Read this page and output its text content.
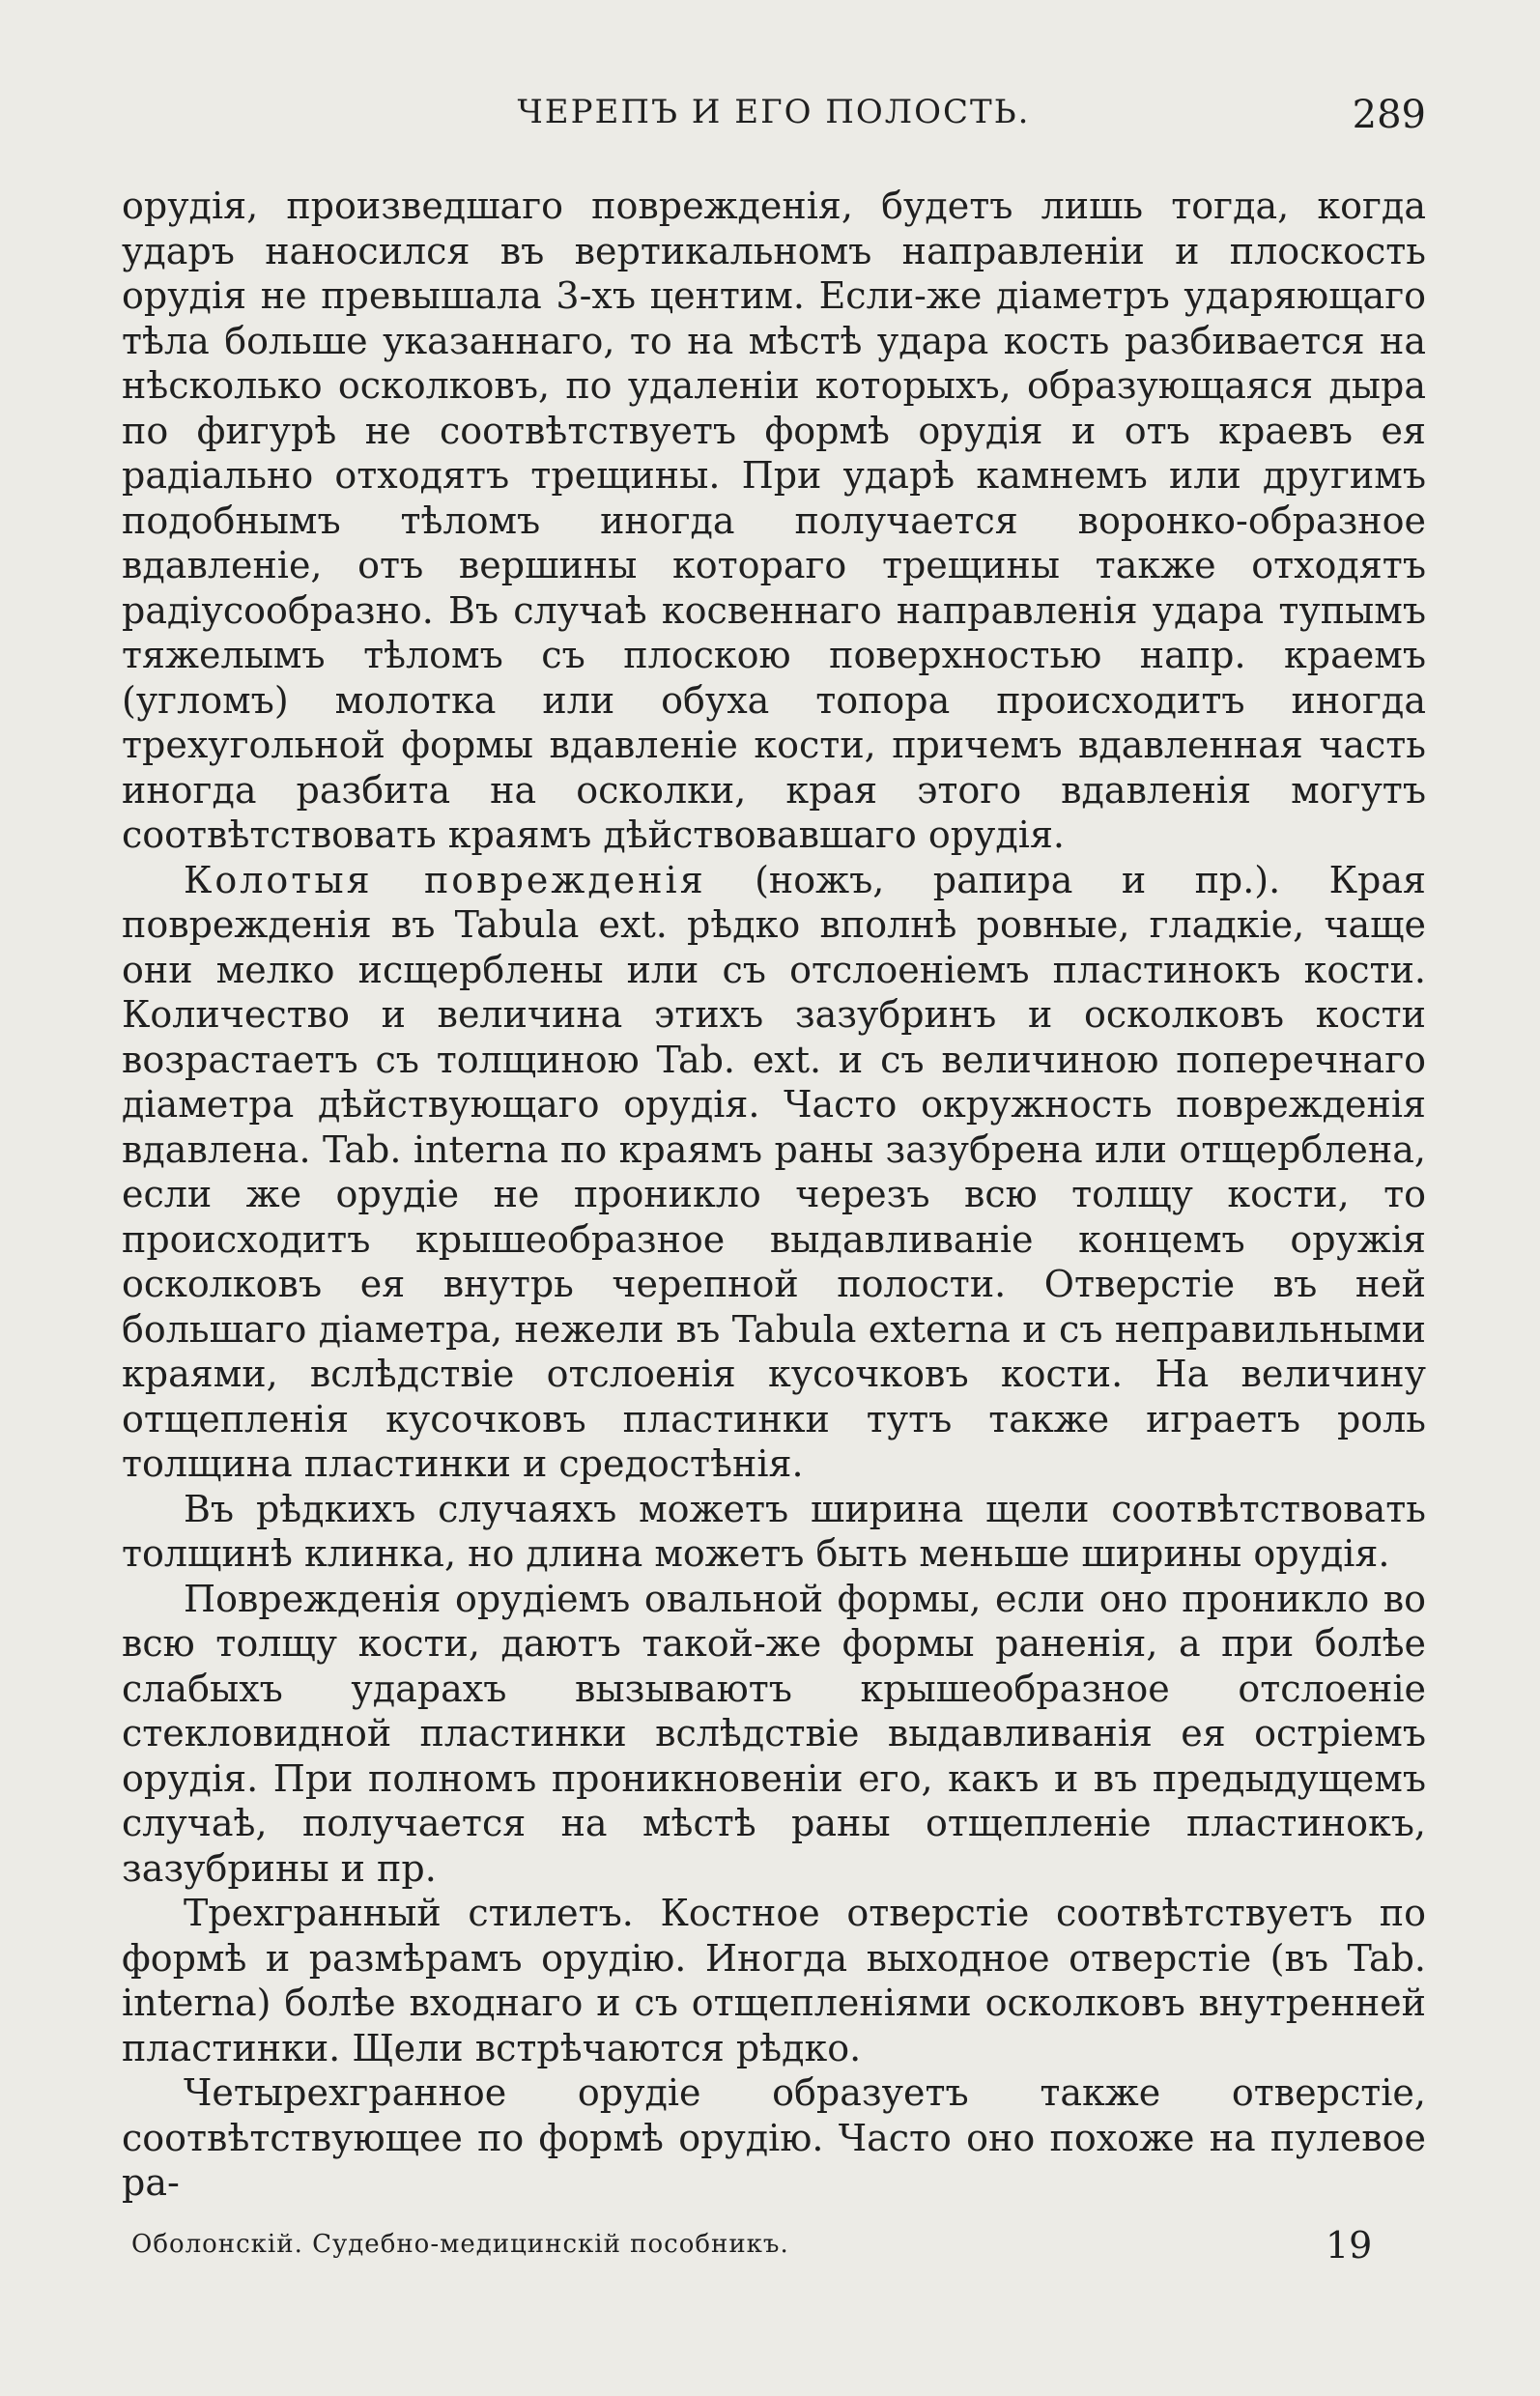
ЧЕРЕПЪ И ЕГО ПОЛОСТЬ.	289

орудія, произведшаго поврежденія, будетъ лишь тогда, когда ударъ наносился въ вертикальномъ направленіи и плоскость орудія не превышала 3-хъ центим. Если-же діаметръ ударяющаго тѣла больше указаннаго, то на мѣстѣ удара кость разбивается на нѣсколько осколковъ, по удаленіи которыхъ, образующаяся дыра по фигурѣ не соотвѣтствуетъ формѣ орудія и отъ краевъ ея радіально отходятъ трещины. При ударѣ камнемъ или другимъ подобнымъ тѣломъ иногда получается воронко-образное вдавленіе, отъ вершины котораго трещины также отходятъ радіусообразно. Въ случаѣ косвеннаго направленія удара тупымъ тяжелымъ тѣломъ съ плоскою поверхностью напр. краемъ (угломъ) молотка или обуха топора происходитъ иногда трехугольной формы вдавленіе кости, причемъ вдавленная часть иногда разбита на осколки, края этого вдавленія могутъ соотвѣтствовать краямъ дѣйствовавшаго орудія.

Колотыя поврежденія (ножъ, рапира и пр.). Края поврежденія въ Tabula ext. рѣдко вполнѣ ровные, гладкіе, чаще они мелко исщерблены или съ отслоеніемъ пластинокъ кости. Количество и величина этихъ зазубринъ и осколковъ кости возрастаетъ съ толщиною Tab. ext. и съ величиною поперечнаго діаметра дѣйствующаго орудія. Часто окружность поврежденія вдавлена. Tab. interna по краямъ раны зазубрена или отщерблена, если же орудіе не проникло черезъ всю толщу кости, то происходитъ крышеобразное выдавливаніе концемъ оружія осколковъ ея внутрь черепной полости. Отверстіе въ ней большаго діаметра, нежели въ Tabula externa и съ неправильными краями, вслѣдствіе отслоенія кусочковъ кости. На величину отщепленія кусочковъ пластинки тутъ также играетъ роль толщина пластинки и средостѣнія.

Въ рѣдкихъ случаяхъ можетъ ширина щели соотвѣтствовать толщинѣ клинка, но длина можетъ быть меньше ширины орудія.

Поврежденія орудіемъ овальной формы, если оно проникло во всю толщу кости, даютъ такой-же формы раненія, а при болѣе слабыхъ ударахъ вызываютъ крышеобразное отслоеніе стекловидной пластинки вслѣдствіе выдавливанія ея остріемъ орудія. При полномъ проникновеніи его, какъ и въ предыдущемъ случаѣ, получается на мѣстѣ раны отщепленіе пластинокъ, зазубрины и пр.

Трехгранный стилетъ. Костное отверстіе соотвѣтствуетъ по формѣ и размѣрамъ орудію. Иногда выходное отверстіе (въ Tab. interna) болѣе входнаго и съ отщепленіями осколковъ внутренней пластинки. Щели встрѣчаются рѣдко.

Четырехгранное орудіе образуетъ также отверстіе, соотвѣтствующее по формѣ орудію. Часто оно похоже на пулевое ра-

Оболонскій. Судебно-медицинскій пособникъ.	19
